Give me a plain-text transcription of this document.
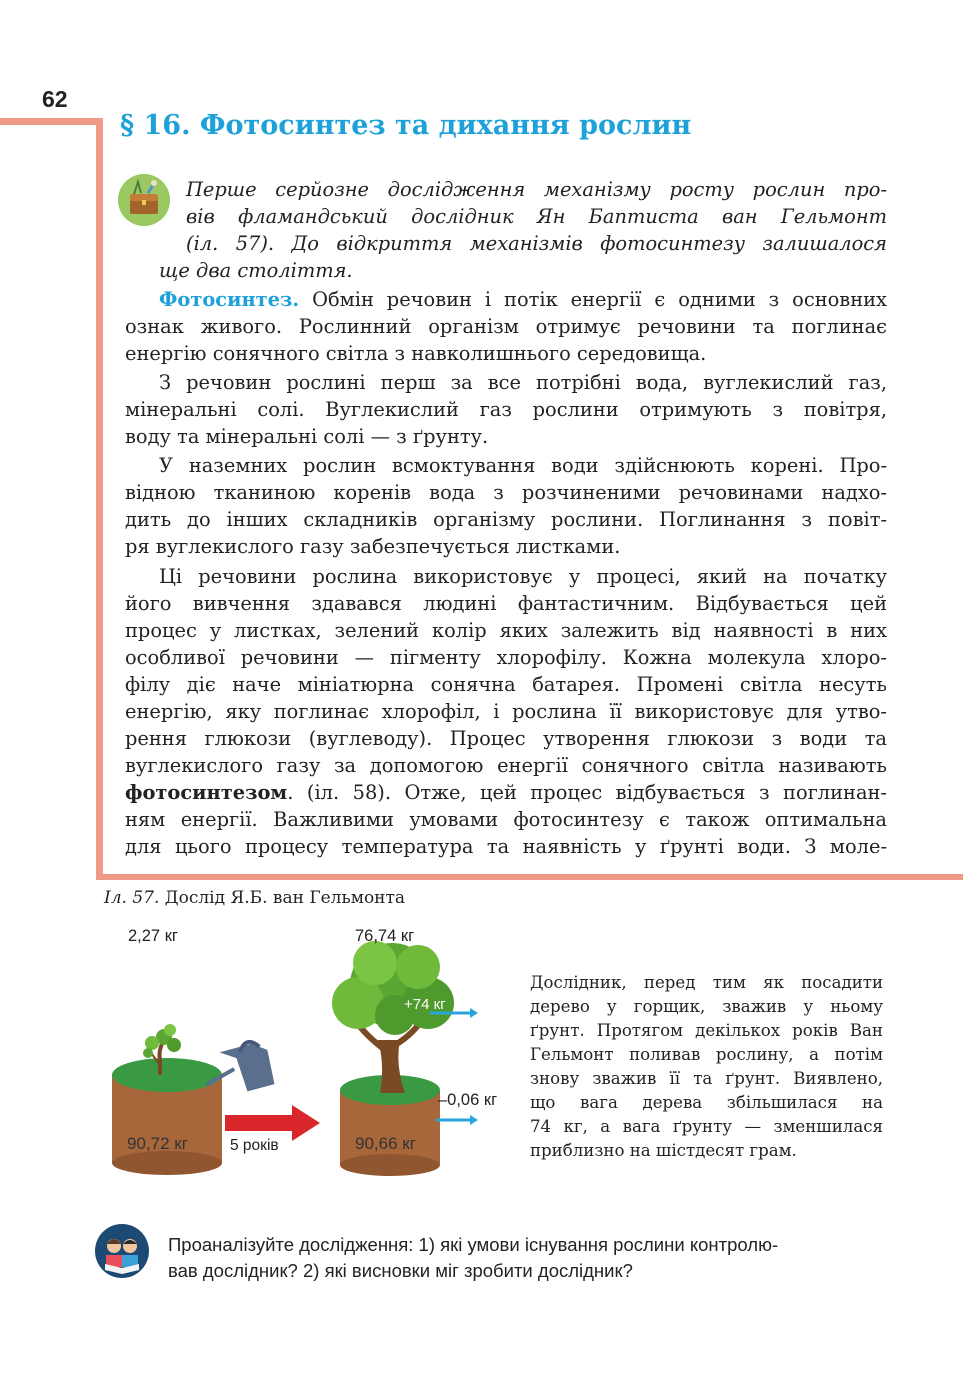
62
§ 16. Фотосинтез та дихання рослин
Перше серйозне дослідження механізму росту рослин про-
вів фламандський дослідник Ян Баптиста ван Гельмонт
(іл. 57). До відкриття механізмів фотосинтезу залишалося
ще два століття.
Фотосинтез. Обмін речовин і потік енергії є одними з основних
ознак живого. Рослинний організм отримує речовини та поглинає
енергію сонячного світла з навколишнього середовища.
З речовин рослині перш за все потрібні вода, вуглекислий газ,
мінеральні солі. Вуглекислий газ рослини отримують з повітря,
воду та мінеральні солі — з ґрунту.
У наземних рослин всмоктування води здійснюють корені. Про-
відною тканиною коренів вода з розчиненими речовинами надхо-
дить до інших складників організму рослини. Поглинання з повіт-
ря вуглекислого газу забезпечується листками.
Ці речовини рослина використовує у процесі, який на початку
його вивчення здавався людині фантастичним. Відбувається цей
процес у листках, зелений колір яких залежить від наявності в них
особливої речовини — пігменту хлорофілу. Кожна молекула хлоро-
філу діє наче мініатюрна сонячна батарея. Промені світла несуть
енергію, яку поглинає хлорофіл, і рослина її використовує для утво-
рення глюкози (вуглеводу). Процес утворення глюкози з води та
вуглекислого газу за допомогою енергії сонячного світла називають
фотосинтезом. (іл. 58). Отже, цей процес відбувається з поглинан-
ням енергії. Важливими умовами фотосинтезу є також оптимальна
для цього процесу температура та наявність у ґрунті води. З моле-
Іл. 57. Дослід Я.Б. ван Гельмонта
2,27 кг	76,74 кг
90,72 кг	90,66 кг
+74 кг
–0,06 кг
5 років
Дослідник, перед тим як посадити
дерево у горщик, зважив у ньому
ґрунт. Протягом декількох років Ван
Гельмонт поливав рослину, а потім
знову зважив її та ґрунт. Виявлено,
що вага дерева збільшилася на
74 кг, а вага ґрунту — зменшилася
приблизно на шістдесят грам.
Проаналізуйте дослідження: 1) які умови існування рослини контролю-
вав дослідник? 2) які висновки міг зробити дослідник?
